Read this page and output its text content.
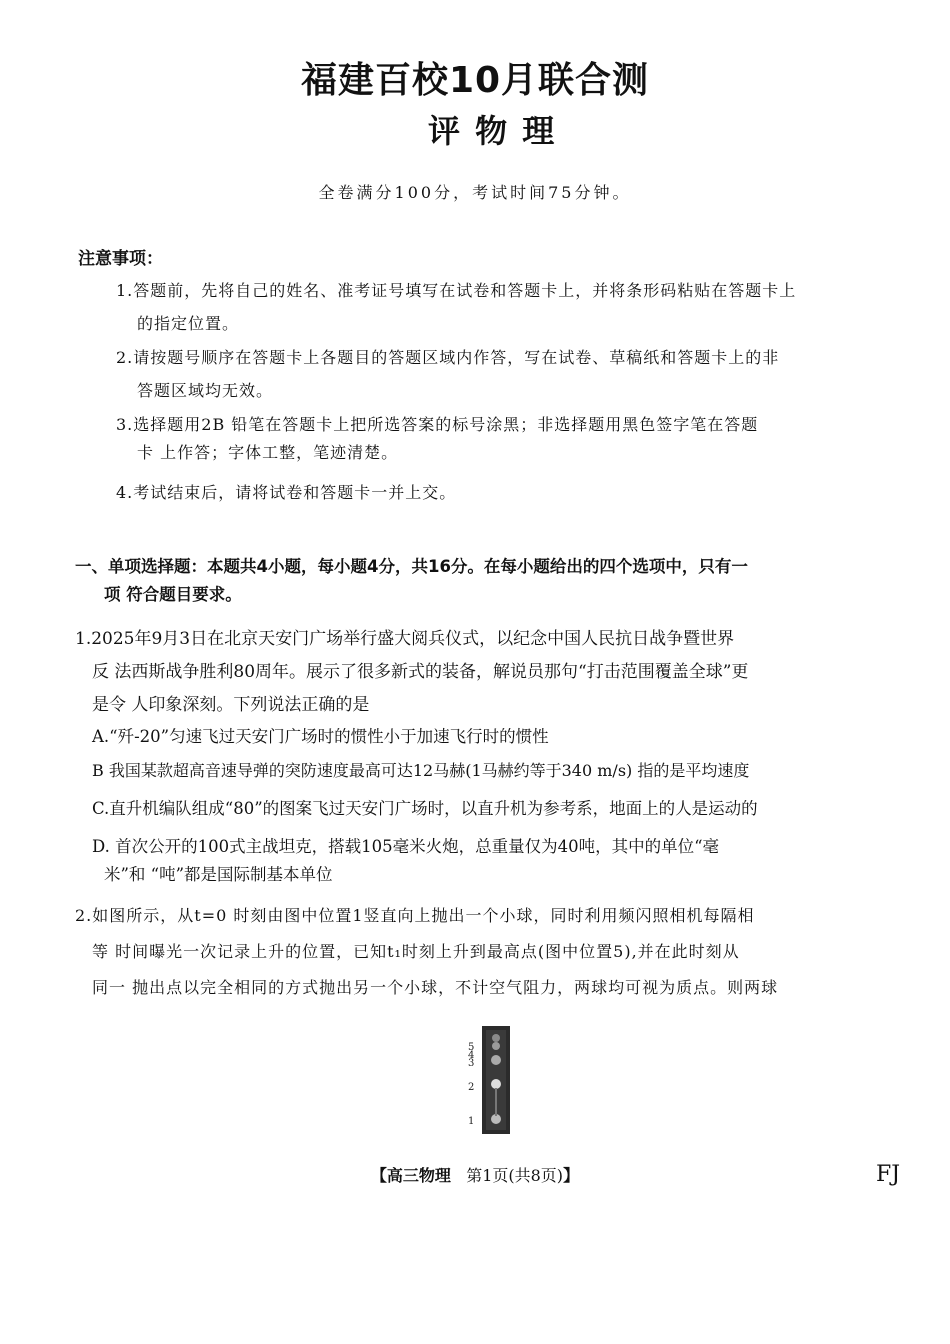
福建百校10月联合测
评 物 理
全卷满分100分，考试时间75分钟。
注意事项：
1.答题前，先将自己的姓名、准考证号填写在试卷和答题卡上，并将条形码粘贴在答题卡上
的指定位置。
2.请按题号顺序在答题卡上各题目的答题区域内作答，写在试卷、草稿纸和答题卡上的非
答题区域均无效。
3.选择题用2B 铅笔在答题卡上把所选答案的标号涂黑；非选择题用黑色签字笔在答题
卡 上作答；字体工整，笔迹清楚。
4.考试结束后，请将试卷和答题卡一并上交。
一、单项选择题：本题共4小题，每小题4分，共16分。在每小题给出的四个选项中，只有一
项 符合题目要求。
1.2025年9月3日在北京天安门广场举行盛大阅兵仪式，以纪念中国人民抗日战争暨世界
反 法西斯战争胜利80周年。展示了很多新式的装备，解说员那句“打击范围覆盖全球”更
是令 人印象深刻。下列说法正确的是
A.“歼-20”匀速飞过天安门广场时的惯性小于加速飞行时的惯性
B 我国某款超高音速导弹的突防速度最高可达12马赫(1马赫约等于340 m/s) 指的是平均速度
C.直升机编队组成“80”的图案飞过天安门广场时，以直升机为参考系，地面上的人是运动的
D. 首次公开的100式主战坦克，搭载105毫米火炮，总重量仅为40吨，其中的单位“毫
米”和 “吨”都是国际制基本单位
2.如图所示，从t=0 时刻由图中位置1竖直向上抛出一个小球，同时利用频闪照相机每隔相
等 时间曝光一次记录上升的位置，已知t₁时刻上升到最高点(图中位置5),并在此时刻从
同一 抛出点以完全相同的方式抛出另一个小球，不计空气阻力，两球均可视为质点。则两球
5
4
3
2
1
【高三物理 第1页(共8页)】	FJ
